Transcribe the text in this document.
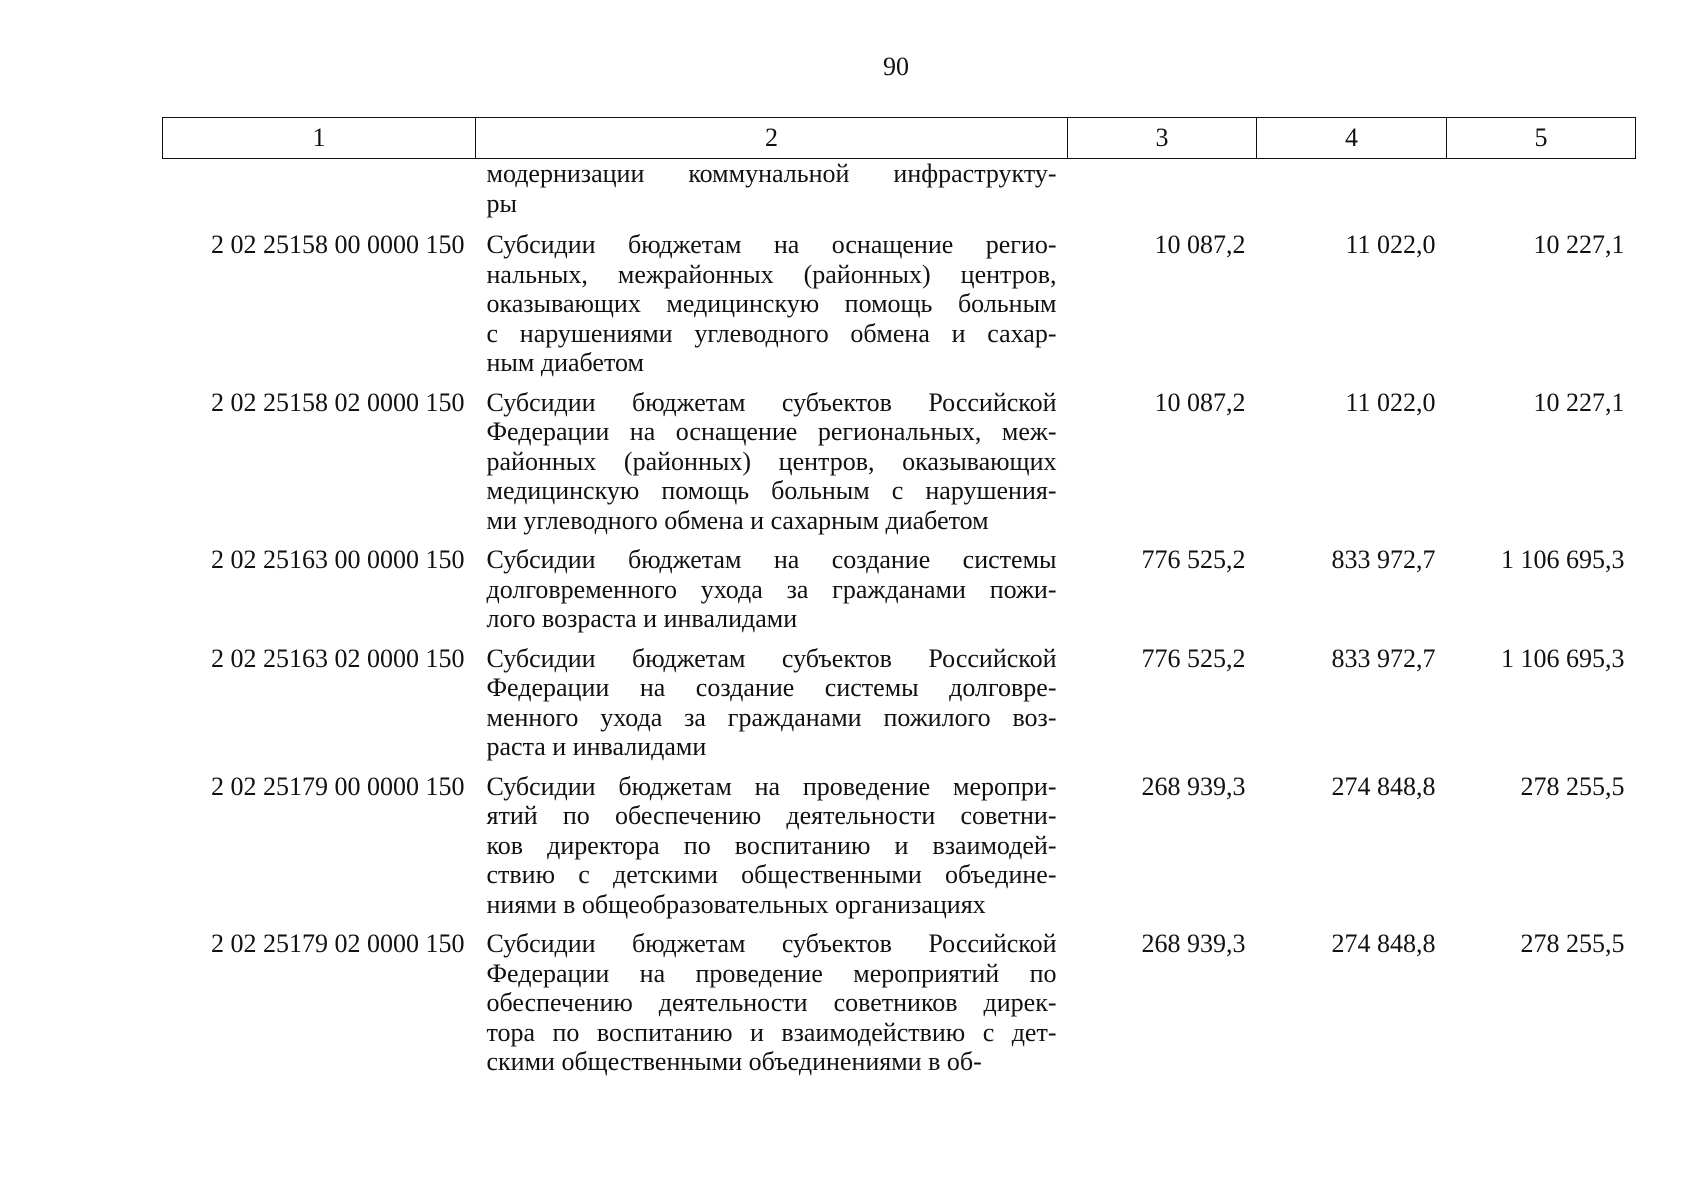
90
1	2	3	4	5

	модернизации коммунальной инфраструкту-
ры			

2 02 25158 00 0000 150	Субсидии бюджетам на оснащение регио-
нальных, межрайонных (районных) центров,
оказывающих медицинскую помощь больным
с нарушениями углеводного обмена и сахар-
ным диабетом	10 087,2	11 022,0	10 227,1
2 02 25158 02 0000 150	Субсидии бюджетам субъектов Российской
Федерации на оснащение региональных, меж-
районных (районных) центров, оказывающих
медицинскую помощь больным с нарушения-
ми углеводного обмена и сахарным диабетом	10 087,2	11 022,0	10 227,1
2 02 25163 00 0000 150	Субсидии бюджетам на создание системы
долговременного ухода за гражданами пожи-
лого возраста и инвалидами	776 525,2	833 972,7	1 106 695,3
2 02 25163 02 0000 150	Субсидии бюджетам субъектов Российской
Федерации на создание системы долговре-
менного ухода за гражданами пожилого воз-
раста и инвалидами	776 525,2	833 972,7	1 106 695,3
2 02 25179 00 0000 150	Субсидии бюджетам на проведение меропри-
ятий по обеспечению деятельности советни-
ков директора по воспитанию и взаимодей-
ствию с детскими общественными объедине-
ниями в общеобразовательных организациях	268 939,3	274 848,8	278 255,5
2 02 25179 02 0000 150	Субсидии бюджетам субъектов Российской
Федерации на проведение мероприятий по
обеспечению деятельности советников дирек-
тора по воспитанию и взаимодействию с дет-
скими общественными объединениями в об-	268 939,3	274 848,8	278 255,5
